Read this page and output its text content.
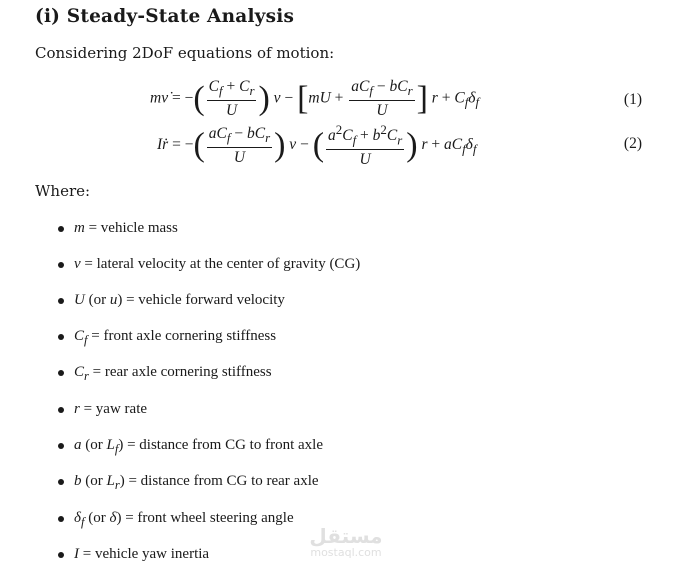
(i) Steady-State Analysis
Considering 2DoF equations of motion:
mν̇ = −( $\frac{C_f + C_r}{U}$ ) $\nu - [mU + \frac{aC_f - bC_r}{U}$ ] $r + C_f\delta_f$	(1)
Iṙ = −( $\frac{aC_f - bC_r}{U}$ ) ν − ( $\frac{a^2C_f + b^2C_r}{U}$ ) $r + aC_f\delta_f$	(2)
Where:
m = vehicle mass
v = lateral velocity at the center of gravity (CG)
U (or u) = vehicle forward velocity
$C_f$ = front axle cornering stiffness
$C_r$ = rear axle cornering stiffness
r = yaw rate
a (or $L_f$) = distance from CG to front axle
b (or $L_r$) = distance from CG to rear axle
$\delta_f$ (or δ) = front wheel steering angle
I = vehicle yaw inertia
مستقل
mostaql.com
